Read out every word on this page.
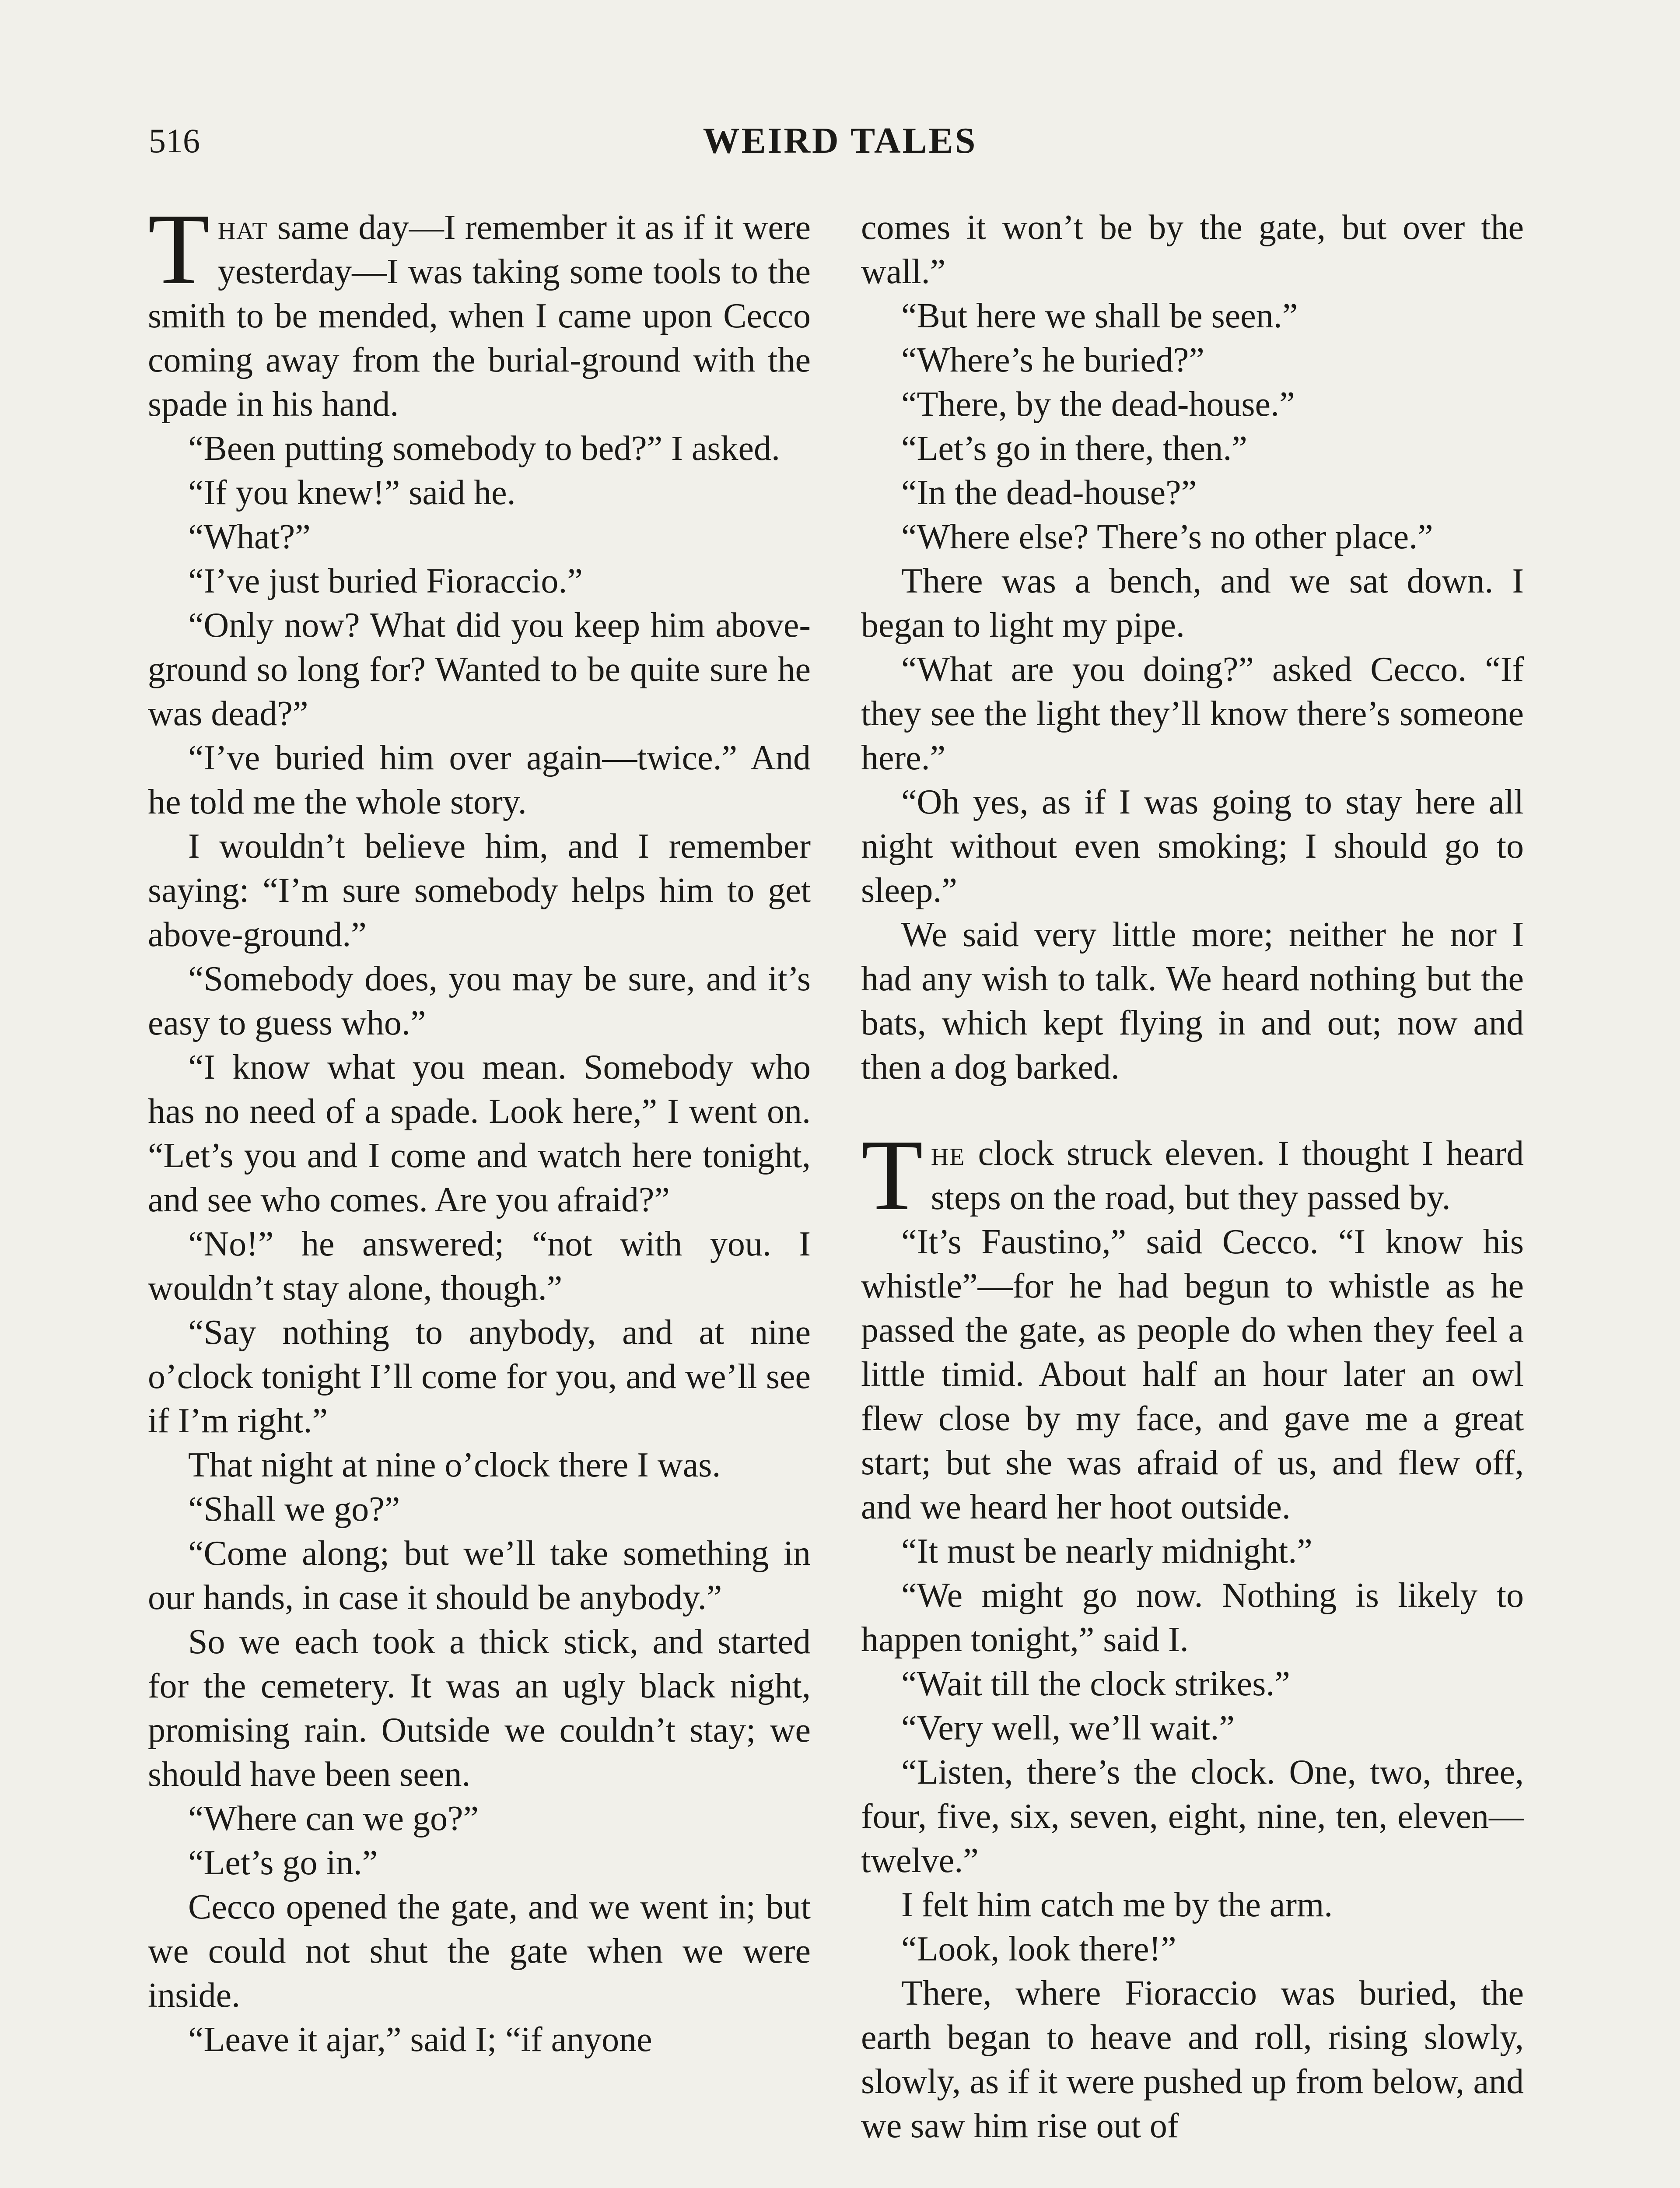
516	WEIRD TALES

That same day—I remember it as if it were yesterday—I was taking some tools to the smith to be mended, when I came upon Cecco coming away from the burial-ground with the spade in his hand.

“Been putting somebody to bed?” I asked.

“If you knew!” said he.

“What?”

“I’ve just buried Fioraccio.”

“Only now? What did you keep him above-ground so long for? Wanted to be quite sure he was dead?”

“I’ve buried him over again—twice.” And he told me the whole story.

I wouldn’t believe him, and I remember saying: “I’m sure somebody helps him to get above-ground.”

“Somebody does, you may be sure, and it’s easy to guess who.”

“I know what you mean. Somebody who has no need of a spade. Look here,” I went on. “Let’s you and I come and watch here tonight, and see who comes. Are you afraid?”

“No!” he answered; “not with you. I wouldn’t stay alone, though.”

“Say nothing to anybody, and at nine o’clock tonight I’ll come for you, and we’ll see if I’m right.”

That night at nine o’clock there I was.

“Shall we go?”

“Come along; but we’ll take something in our hands, in case it should be anybody.”

So we each took a thick stick, and started for the cemetery. It was an ugly black night, promising rain. Outside we couldn’t stay; we should have been seen.

“Where can we go?”

“Let’s go in.”

Cecco opened the gate, and we went in; but we could not shut the gate when we were inside.

“Leave it ajar,” said I; “if anyone

comes it won’t be by the gate, but over the wall.”

“But here we shall be seen.”

“Where’s he buried?”

“There, by the dead-house.”

“Let’s go in there, then.”

“In the dead-house?”

“Where else? There’s no other place.”

There was a bench, and we sat down. I began to light my pipe.

“What are you doing?” asked Cecco. “If they see the light they’ll know there’s someone here.”

“Oh yes, as if I was going to stay here all night without even smoking; I should go to sleep.”

We said very little more; neither he nor I had any wish to talk. We heard nothing but the bats, which kept flying in and out; now and then a dog barked.

The clock struck eleven. I thought I heard steps on the road, but they passed by.

“It’s Faustino,” said Cecco. “I know his whistle”—for he had begun to whistle as he passed the gate, as people do when they feel a little timid. About half an hour later an owl flew close by my face, and gave me a great start; but she was afraid of us, and flew off, and we heard her hoot outside.

“It must be nearly midnight.”

“We might go now. Nothing is likely to happen tonight,” said I.

“Wait till the clock strikes.”

“Very well, we’ll wait.”

“Listen, there’s the clock. One, two, three, four, five, six, seven, eight, nine, ten, eleven—twelve.”

I felt him catch me by the arm.

“Look, look there!”

There, where Fioraccio was buried, the earth began to heave and roll, rising slowly, slowly, as if it were pushed up from below, and we saw him rise out of
